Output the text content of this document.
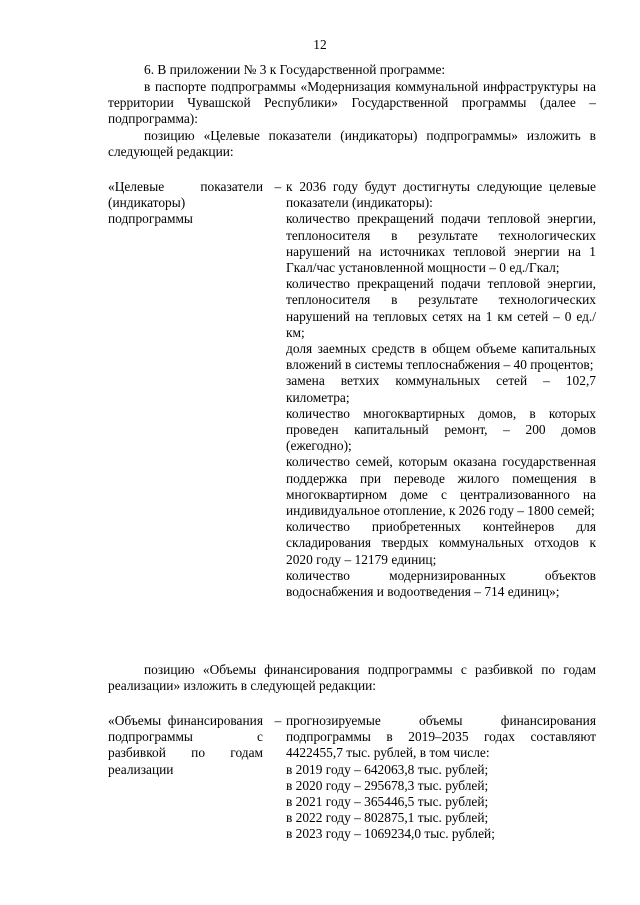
12

6. В приложении № 3 к Государственной программе:

в паспорте подпрограммы «Модернизация коммунальной инфраструктуры на территории Чувашской Республики» Государственной программы (далее – подпрограмма):

позицию «Целевые показатели (индикаторы) подпрограммы» изложить в следующей редакции:

«Целевые показатели (индикаторы) подпрограммы
– к 2036 году будут достигнуты следующие целевые показатели (индикаторы):

количество прекращений подачи тепловой энергии, теплоносителя в результате технологических нарушений на источниках тепловой энергии на 1 Гкал/час установленной мощности – 0 ед./Гкал;

количество прекращений подачи тепловой энергии, теплоносителя в результате технологических нарушений на тепловых сетях на 1 км сетей – 0 ед./км;

доля заемных средств в общем объеме капитальных вложений в системы теплоснабжения – 40 процентов;

замена ветхих коммунальных сетей – 102,7 километра;

количество многоквартирных домов, в которых проведен капитальный ремонт, – 200 домов (ежегодно);

количество семей, которым оказана государственная поддержка при переводе жилого помещения в многоквартирном доме с централизованного на индивидуальное отопление, к 2026 году – 1800 семей;

количество приобретенных контейнеров для складирования твердых коммунальных отходов к 2020 году – 12179 единиц;

количество модернизированных объектов водоснабжения и водоотведения – 714 единиц»;

позицию «Объемы финансирования подпрограммы с разбивкой по годам реализации» изложить в следующей редакции:

«Объемы финансирования подпрограммы с разбивкой по годам реализации
– прогнозируемые объемы финансирования подпрограммы в 2019–2035 годах составляют 4422455,7 тыс. рублей, в том числе:

в 2019 году – 642063,8 тыс. рублей;

в 2020 году – 295678,3 тыс. рублей;

в 2021 году – 365446,5 тыс. рублей;

в 2022 году – 802875,1 тыс. рублей;

в 2023 году – 1069234,0 тыс. рублей;
